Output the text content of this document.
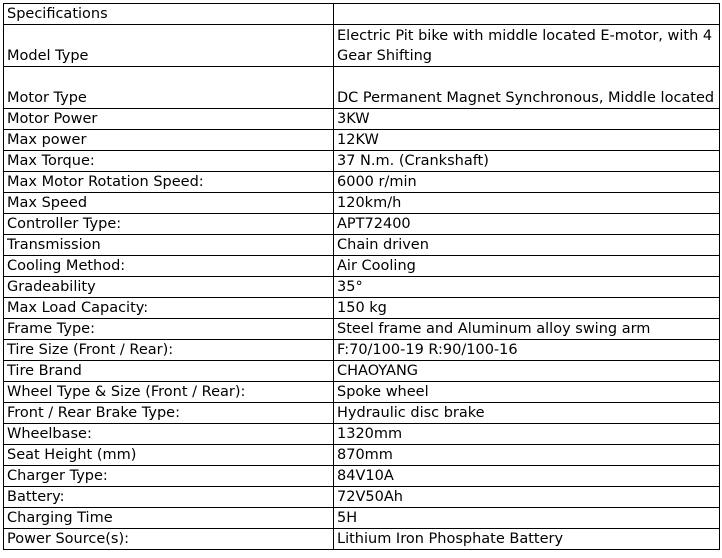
Specifications	
Model Type	Electric Pit bike with middle located E-motor, with 4 Gear Shifting
Motor Type	DC Permanent Magnet Synchronous, Middle located
Motor Power	3KW
Max power	12KW
Max Torque:	37 N.m. (Crankshaft)
Max Motor Rotation Speed:	6000 r/min
Max Speed	120km/h
Controller Type:	APT72400
Transmission	Chain driven
Cooling Method:	Air Cooling
Gradeability	35°
Max Load Capacity:	150 kg
Frame Type:	Steel frame and Aluminum alloy swing arm
Tire Size (Front / Rear):	F:70/100-19 R:90/100-16
Tire Brand	CHAOYANG
Wheel Type & Size (Front / Rear):	Spoke wheel
Front / Rear Brake Type:	Hydraulic disc brake
Wheelbase:	1320mm
Seat Height (mm)	870mm
Charger Type:	84V10A
Battery:	72V50Ah
Charging Time	5H
Power Source(s):	Lithium Iron Phosphate Battery
